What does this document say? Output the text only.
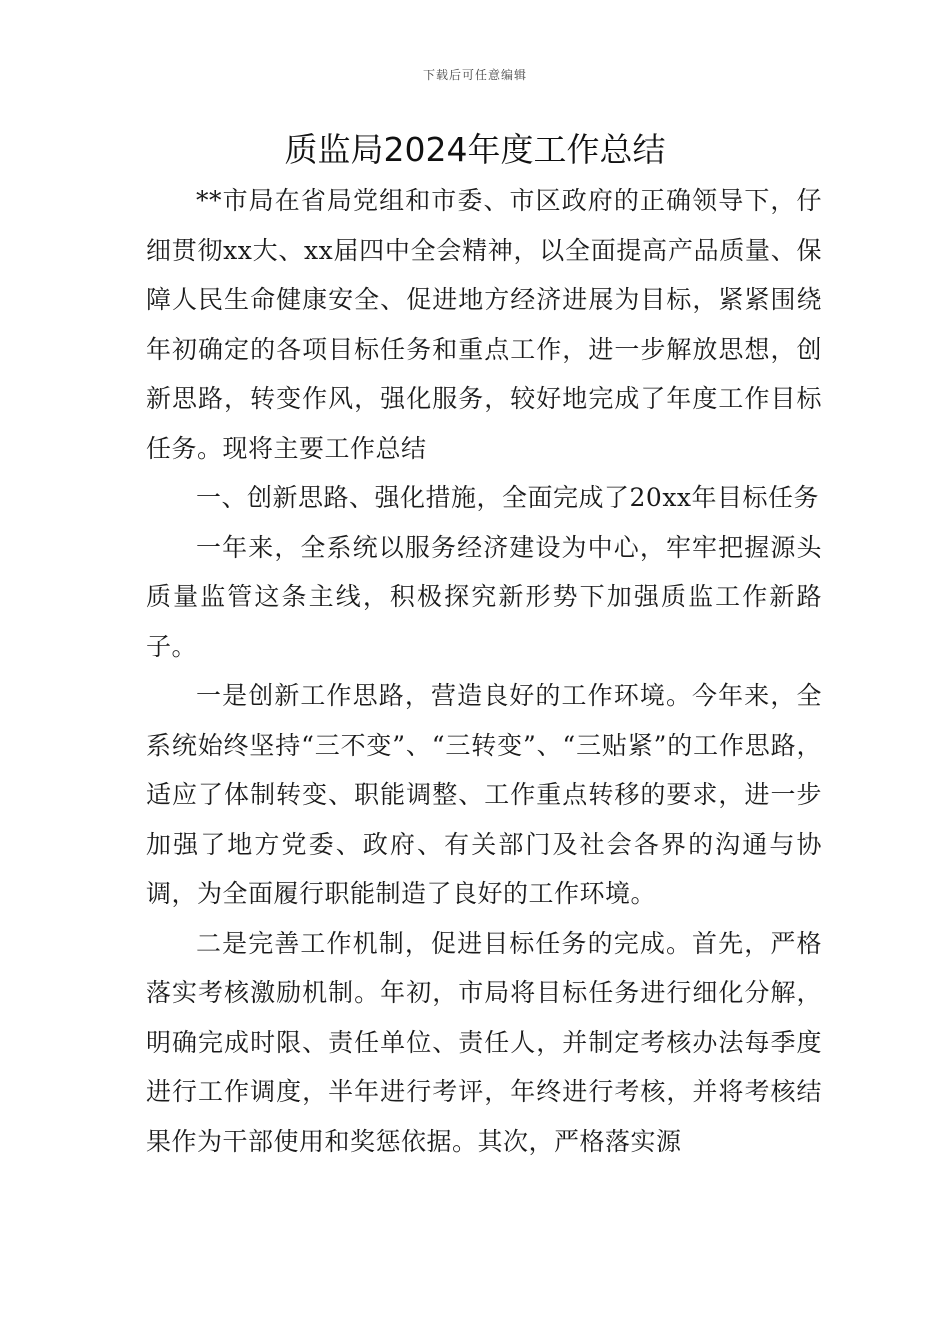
下载后可任意编辑
质监局2024年度工作总结

**市局在省局党组和市委、市区政府的正确领导下，仔细贯彻xx大、xx届四中全会精神，以全面提高产品质量、保障人民生命健康安全、促进地方经济进展为目标，紧紧围绕年初确定的各项目标任务和重点工作，进一步解放思想，创新思路，转变作风，强化服务，较好地完成了年度工作目标任务。现将主要工作总结

一、创新思路、强化措施，全面完成了20xx年目标任务

一年来，全系统以服务经济建设为中心，牢牢把握源头质量监管这条主线，积极探究新形势下加强质监工作新路子。

一是创新工作思路，营造良好的工作环境。今年来，全系统始终坚持“三不变”、“三转变”、“三贴紧”的工作思路，适应了体制转变、职能调整、工作重点转移的要求，进一步加强了地方党委、政府、有关部门及社会各界的沟通与协调，为全面履行职能制造了良好的工作环境。

二是完善工作机制，促进目标任务的完成。首先，严格落实考核激励机制。年初，市局将目标任务进行细化分解，明确完成时限、责任单位、责任人，并制定考核办法每季度进行工作调度，半年进行考评，年终进行考核，并将考核结果作为干部使用和奖惩依据。其次，严格落实源
